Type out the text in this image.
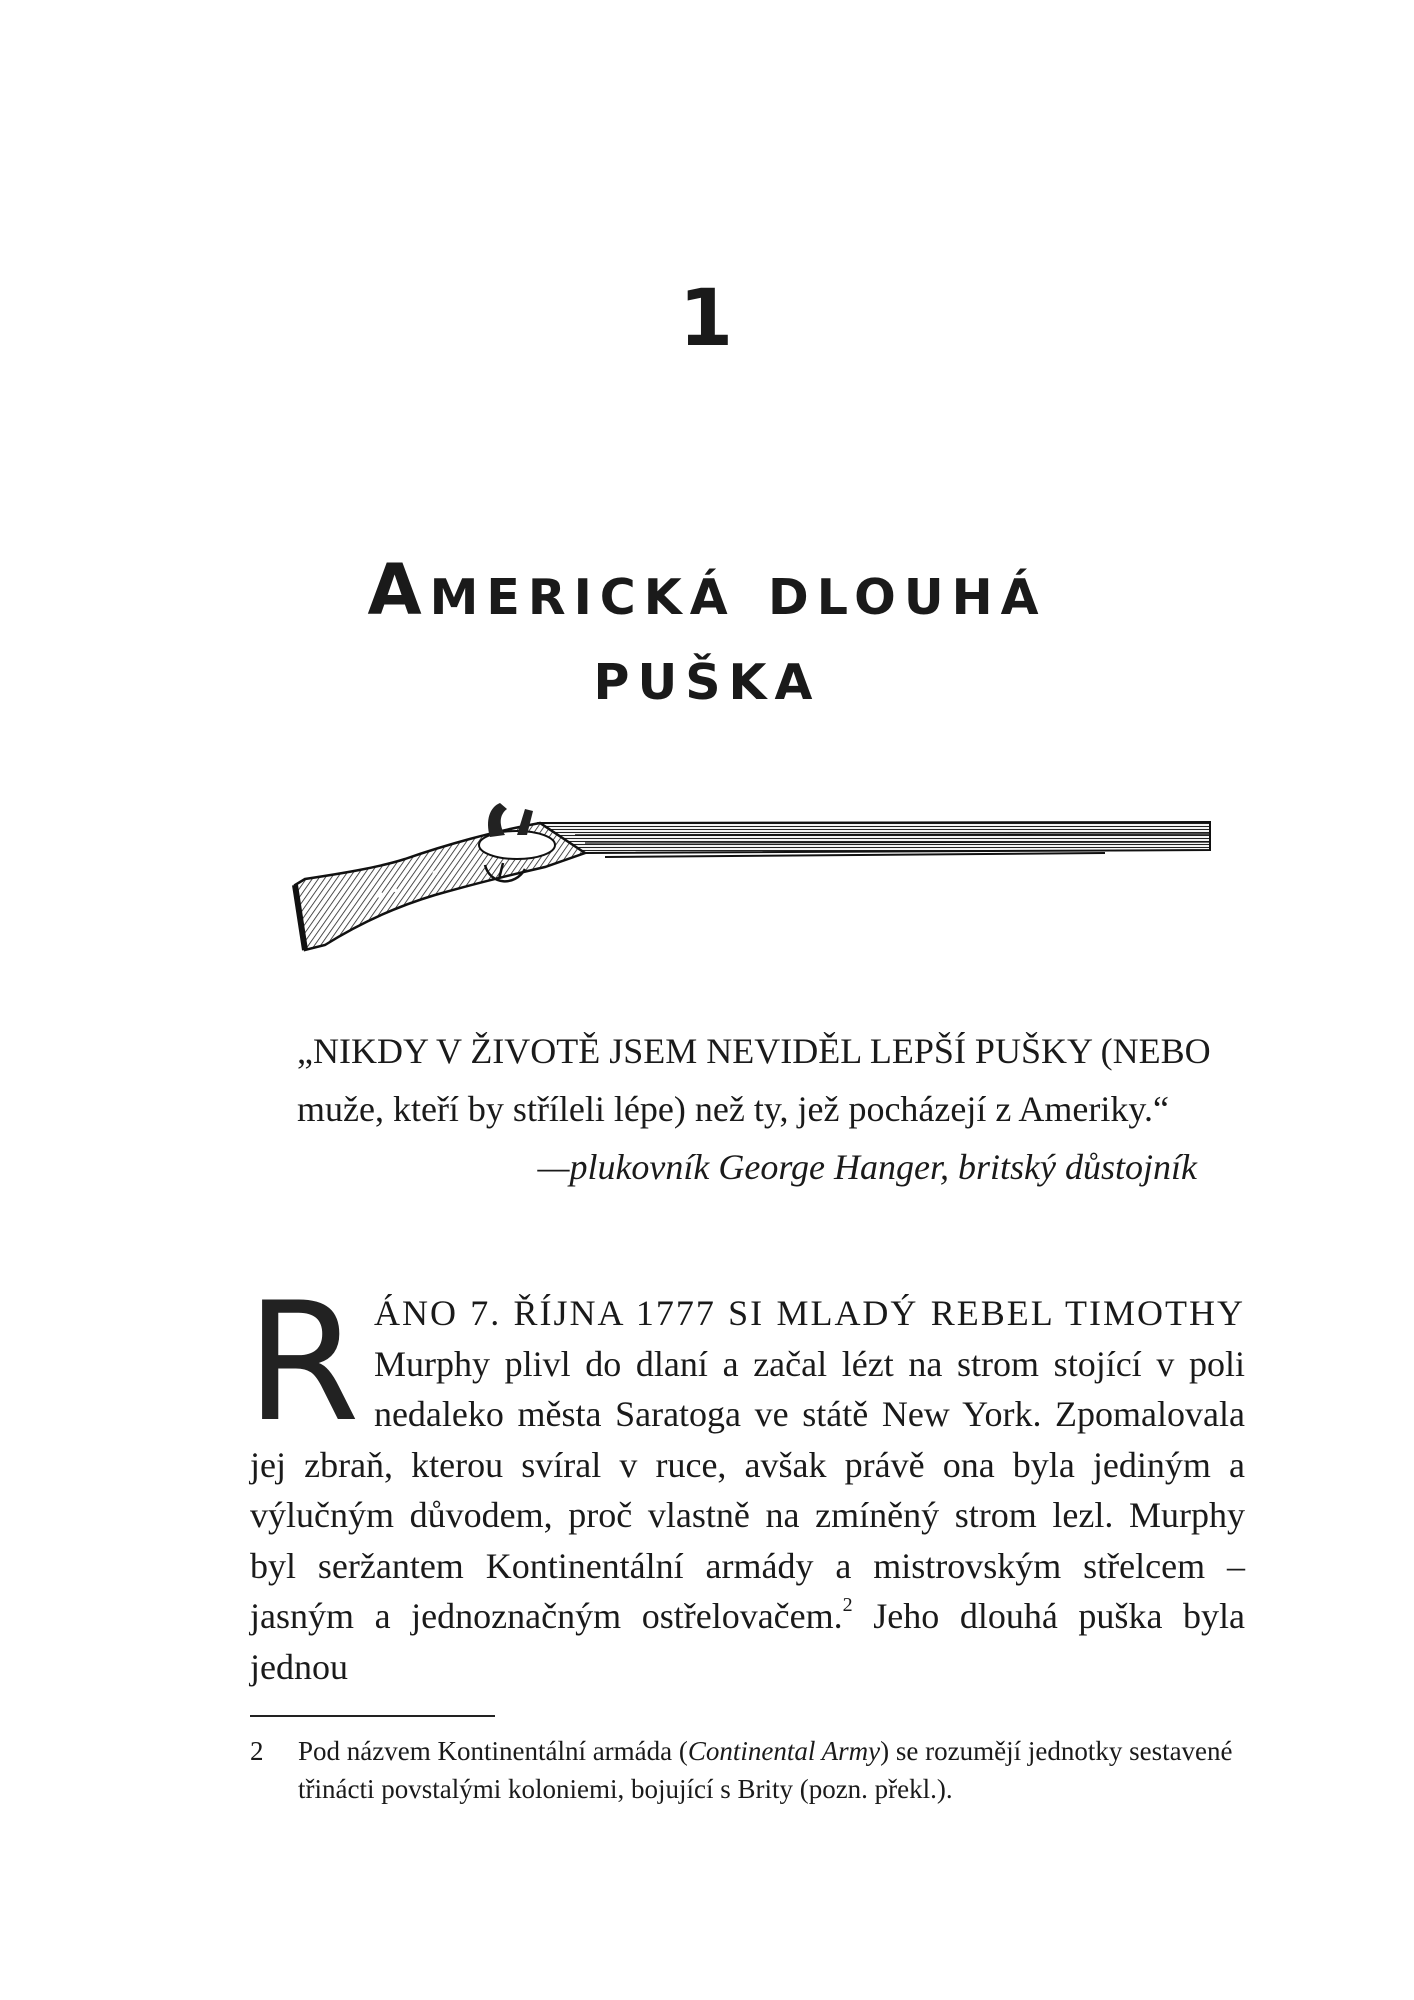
1
Americká dlouhá
puška
„NIKDY V ŽIVOTĚ JSEM NEVIDĚL LEPŠÍ PUŠKY (NEBO
muže, kteří by stříleli lépe) než ty, jež pocházejí z Ameriky.“
—plukovník George Hanger, britský důstojník
RÁNO 7. ŘÍJNA 1777 SI MLADÝ REBEL TIMOTHY Murphy plivl do dlaní a začal lézt na strom stojící v poli nedaleko města Saratoga ve státě New York. Zpomalovala jej zbraň, kterou svíral v ruce, avšak právě ona byla jediným a výlučným důvodem, proč vlastně na zmíněný strom lezl. Murphy byl seržantem Kontinentální armády a mistrovským střelcem – jasným a jednoznačným ostřelovačem.$^2$ Jeho dlouhá puška byla jednou
2 Pod názvem Kontinentální armáda (Continental Army) se rozumějí jednotky sestavené třinácti povstalými koloniemi, bojující s Brity (pozn. překl.).
